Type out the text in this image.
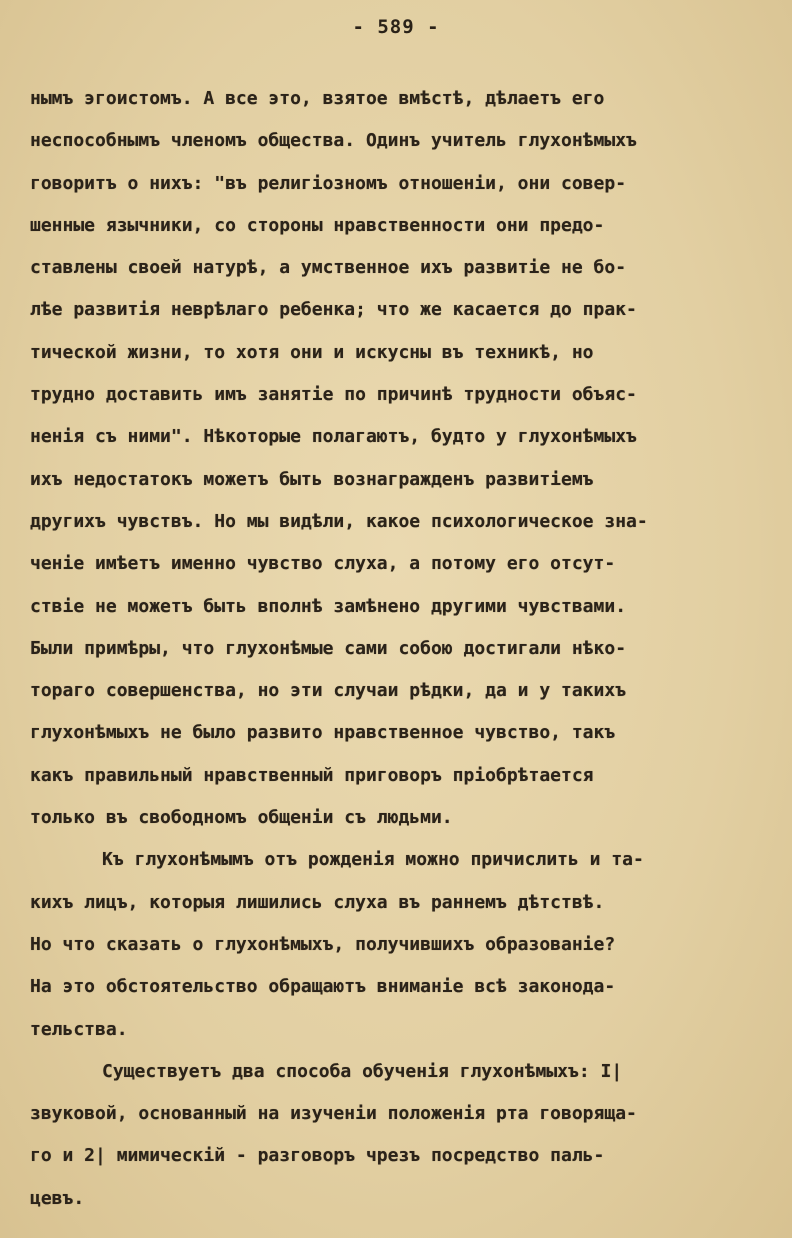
- 589 -
нымъ эгоистомъ. А все это, взятое вмѣстѣ, дѣлаетъ его
неспособнымъ членомъ общества. Одинъ учитель глухонѣмыхъ
говоритъ о нихъ: "въ религіозномъ отношеніи, они совер-
шенные язычники, со стороны нравственности они предо-
ставлены своей натурѣ, а умственное ихъ развитіе не бо-
лѣе развитія неврѣлаго ребенка; что же касается до прак-
тической жизни, то хотя они и искусны въ техникѣ, но
трудно доставить имъ занятіе по причинѣ трудности объяс-
ненія съ ними". Нѣкоторые полагаютъ, будто у глухонѣмыхъ
ихъ недостатокъ можетъ быть вознагражденъ развитіемъ
другихъ чувствъ. Но мы видѣли, какое психологическое зна-
ченіе имѣетъ именно чувство слуха, а потому его отсут-
ствіе не можетъ быть вполнѣ замѣнено другими чувствами.
Были примѣры, что глухонѣмые сами собою достигали нѣко-
тораго совершенства, но эти случаи рѣдки, да и у такихъ
глухонѣмыхъ не было развито нравственное чувство, такъ
какъ правильный нравственный приговоръ пріобрѣтается
только въ свободномъ общеніи съ людьми.
Къ глухонѣмымъ отъ рожденія можно причислить и та-
кихъ лицъ, которыя лишились слуха въ раннемъ дѣтствѣ.
Но что сказать о глухонѣмыхъ, получившихъ образованіе?
На это обстоятельство обращаютъ вниманіе всѣ законода-
тельства.
Существуетъ два способа обученія глухонѣмыхъ: I|
звуковой, основанный на изученіи положенія рта говоряща-
го и 2| мимическій - разговоръ чрезъ посредство паль-
цевъ.
